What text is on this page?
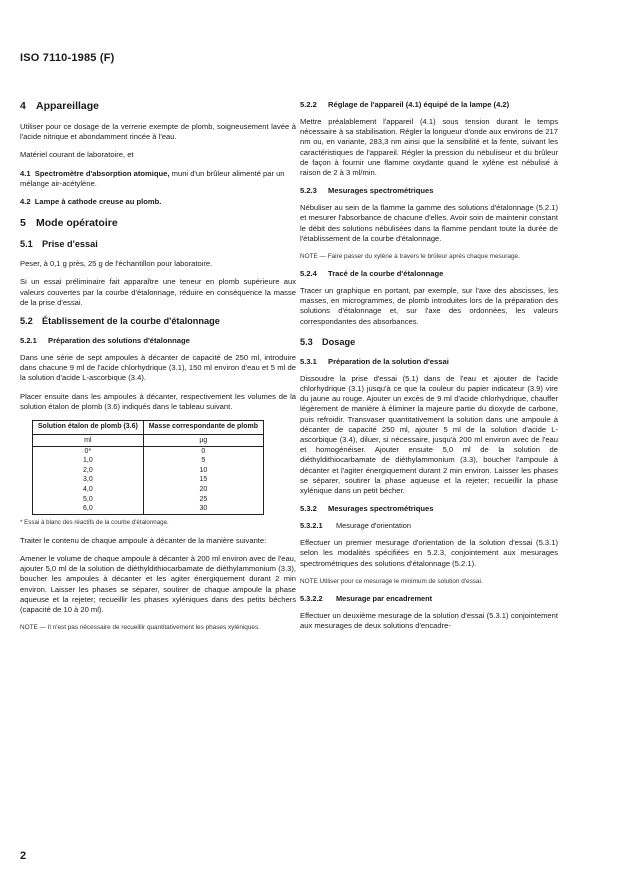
ISO 7110-1985 (F)
4 Appareillage

Utiliser pour ce dosage de la verrerie exempte de plomb, soigneusement lavée à l'acide nitrique et abondamment rincée à l'eau.

Matériel courant de laboratoire, et

4.1 Spectromètre d'absorption atomique, muni d'un brûleur alimenté par un mélange air-acétylène.
4.2 Lampe à cathode creuse au plomb.
5 Mode opératoire
5.1 Prise d'essai

Peser, à 0,1 g près, 25 g de l'échantillon pour laboratoire.

Si un essai préliminaire fait apparaître une teneur en plomb supérieure aux valeurs couvertes par la courbe d'étalonnage, réduire en conséquence la masse de la prise d'essai.

5.2 Établissement de la courbe d'étalonnage
5.2.1 Préparation des solutions d'étalonnage

Dans une série de sept ampoules à décanter de capacité de 250 ml, introduire dans chacune 9 ml de l'acide chlorhydrique (3.1), 150 ml environ d'eau et 5 ml de la solution d'acide L-ascorbique (3.4).

Placer ensuite dans les ampoules à décanter, respectivement les volumes de la solution étalon de plomb (3.6) indiqués dans le tableau suivant.

Solution étalon de plomb (3.6)	Masse correspondante de plomb
ml	µg
0*	0
1,0	5
2,0	10
3,0	15
4,0	20
5,0	25
6,0	30
* Essai à blanc des réactifs de la courbe d'étalonnage.

Traiter le contenu de chaque ampoule à décanter de la manière suivante:

Amener le volume de chaque ampoule à décanter à 200 ml environ avec de l'eau, ajouter 5,0 ml de la solution de diéthyldithiocarbamate de diéthylammonium (3.3), boucher les ampoules à décanter et les agiter énergiquement durant 2 min environ. Laisser les phases se séparer, soutirer de chaque ampoule la phase aqueuse et la rejeter; recueillir les phases xyléniques dans des petits béchers (capacité de 10 à 20 ml).

NOTE — Il n'est pas nécessaire de recueillir quantitativement les phases xyléniques.
5.2.2 Réglage de l'appareil (4.1) équipé de la lampe (4.2)

Mettre préalablement l'appareil (4.1) sous tension durant le temps nécessaire à sa stabilisation. Régler la longueur d'onde aux environs de 217 nm ou, en variante, 283,3 nm ainsi que la sensibilité et la fente, suivant les caractéristiques de l'appareil. Régler la pression du nébuliseur et du brûleur de façon à fournir une flamme oxydante quand le xylène est nébulisé à raison de 2 à 3 ml/min.

5.2.3 Mesurages spectrométriques

Nébuliser au sein de la flamme la gamme des solutions d'étalonnage (5.2.1) et mesurer l'absorbance de chacune d'elles. Avoir soin de maintenir constant le débit des solutions nébulisées dans la flamme pendant toute la durée de l'établissement de la courbe d'étalonnage.

NOTE — Faire passer du xylène à travers le brûleur après chaque mesurage.
5.2.4 Tracé de la courbe d'étalonnage

Tracer un graphique en portant, par exemple, sur l'axe des abscisses, les masses, en microgrammes, de plomb introduites lors de la préparation des solutions d'étalonnage et, sur l'axe des ordonnées, les valeurs correspondantes des absorbances.

5.3 Dosage
5.3.1 Préparation de la solution d'essai

Dissoudre la prise d'essai (5.1) dans de l'eau et ajouter de l'acide chlorhydrique (3.1) jusqu'à ce que la couleur du papier indicateur (3.9) vire du jaune au rouge. Ajouter un excès de 9 ml d'acide chlorhydrique, chauffer légèrement de manière à éliminer la majeure partie du dioxyde de carbone, puis refroidir. Transvaser quantitativement la solution dans une ampoule à décanter de capacité 250 ml, ajouter 5 ml de la solution d'acide L-ascorbique (3.4), diluer, si nécessaire, jusqu'à 200 ml environ avec de l'eau et homogénéiser. Ajouter ensuite 5,0 ml de la solution de diéthyldithiocarbamate de diéthylammonium (3.3), boucher l'ampoule à décanter et l'agiter énergiquement durant 2 min environ. Laisser les phases se séparer, soutirer la phase aqueuse et la rejeter; recueillir la phase xylénique dans un petit bécher.

5.3.2 Mesurages spectrométriques
5.3.2.1 Mesurage d'orientation

Effectuer un premier mesurage d'orientation de la solution d'essai (5.3.1) selon les modalités spécifiées en 5.2.3, conjointement aux mesurages spectrométriques des solutions d'étalonnage (5.2.1).

NOTE Utiliser pour ce mesurage le minimum de solution d'essai.
5.3.2.2 Mesurage par encadrement

Effectuer un deuxième mesurage de la solution d'essai (5.3.1) conjointement aux mesurages de deux solutions d'encadre-

2
